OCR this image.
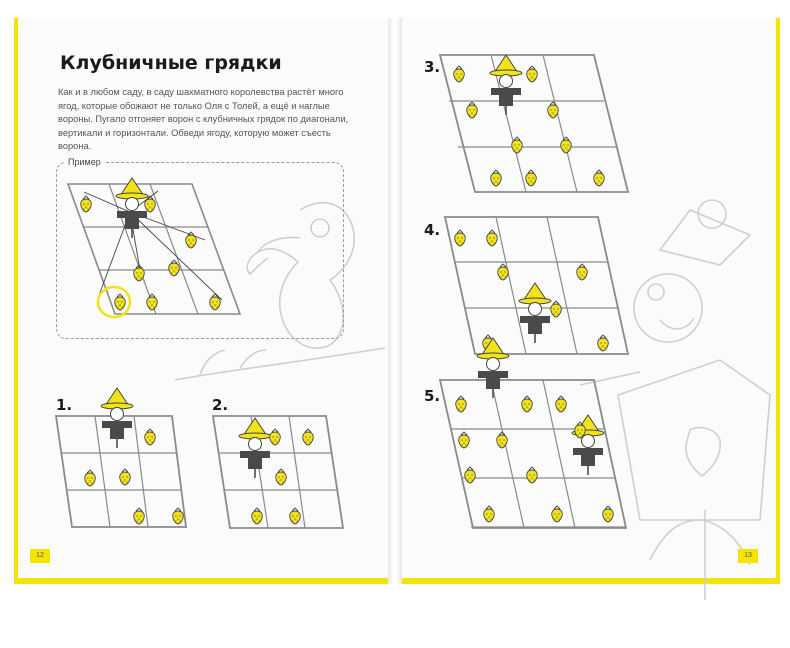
Клубничные грядки
Как и в любом саду, в саду шахматного королевства растёт много ягод, которые обожают не только Оля с Толей, а ещё и наглые вороны. Пугало отгоняет ворон с клубничных грядок по диагонали, вертикали и горизонтали. Обведи ягоду, которую может съесть ворона.
Пример
1.	2.
3.
4.
5.
12	13
